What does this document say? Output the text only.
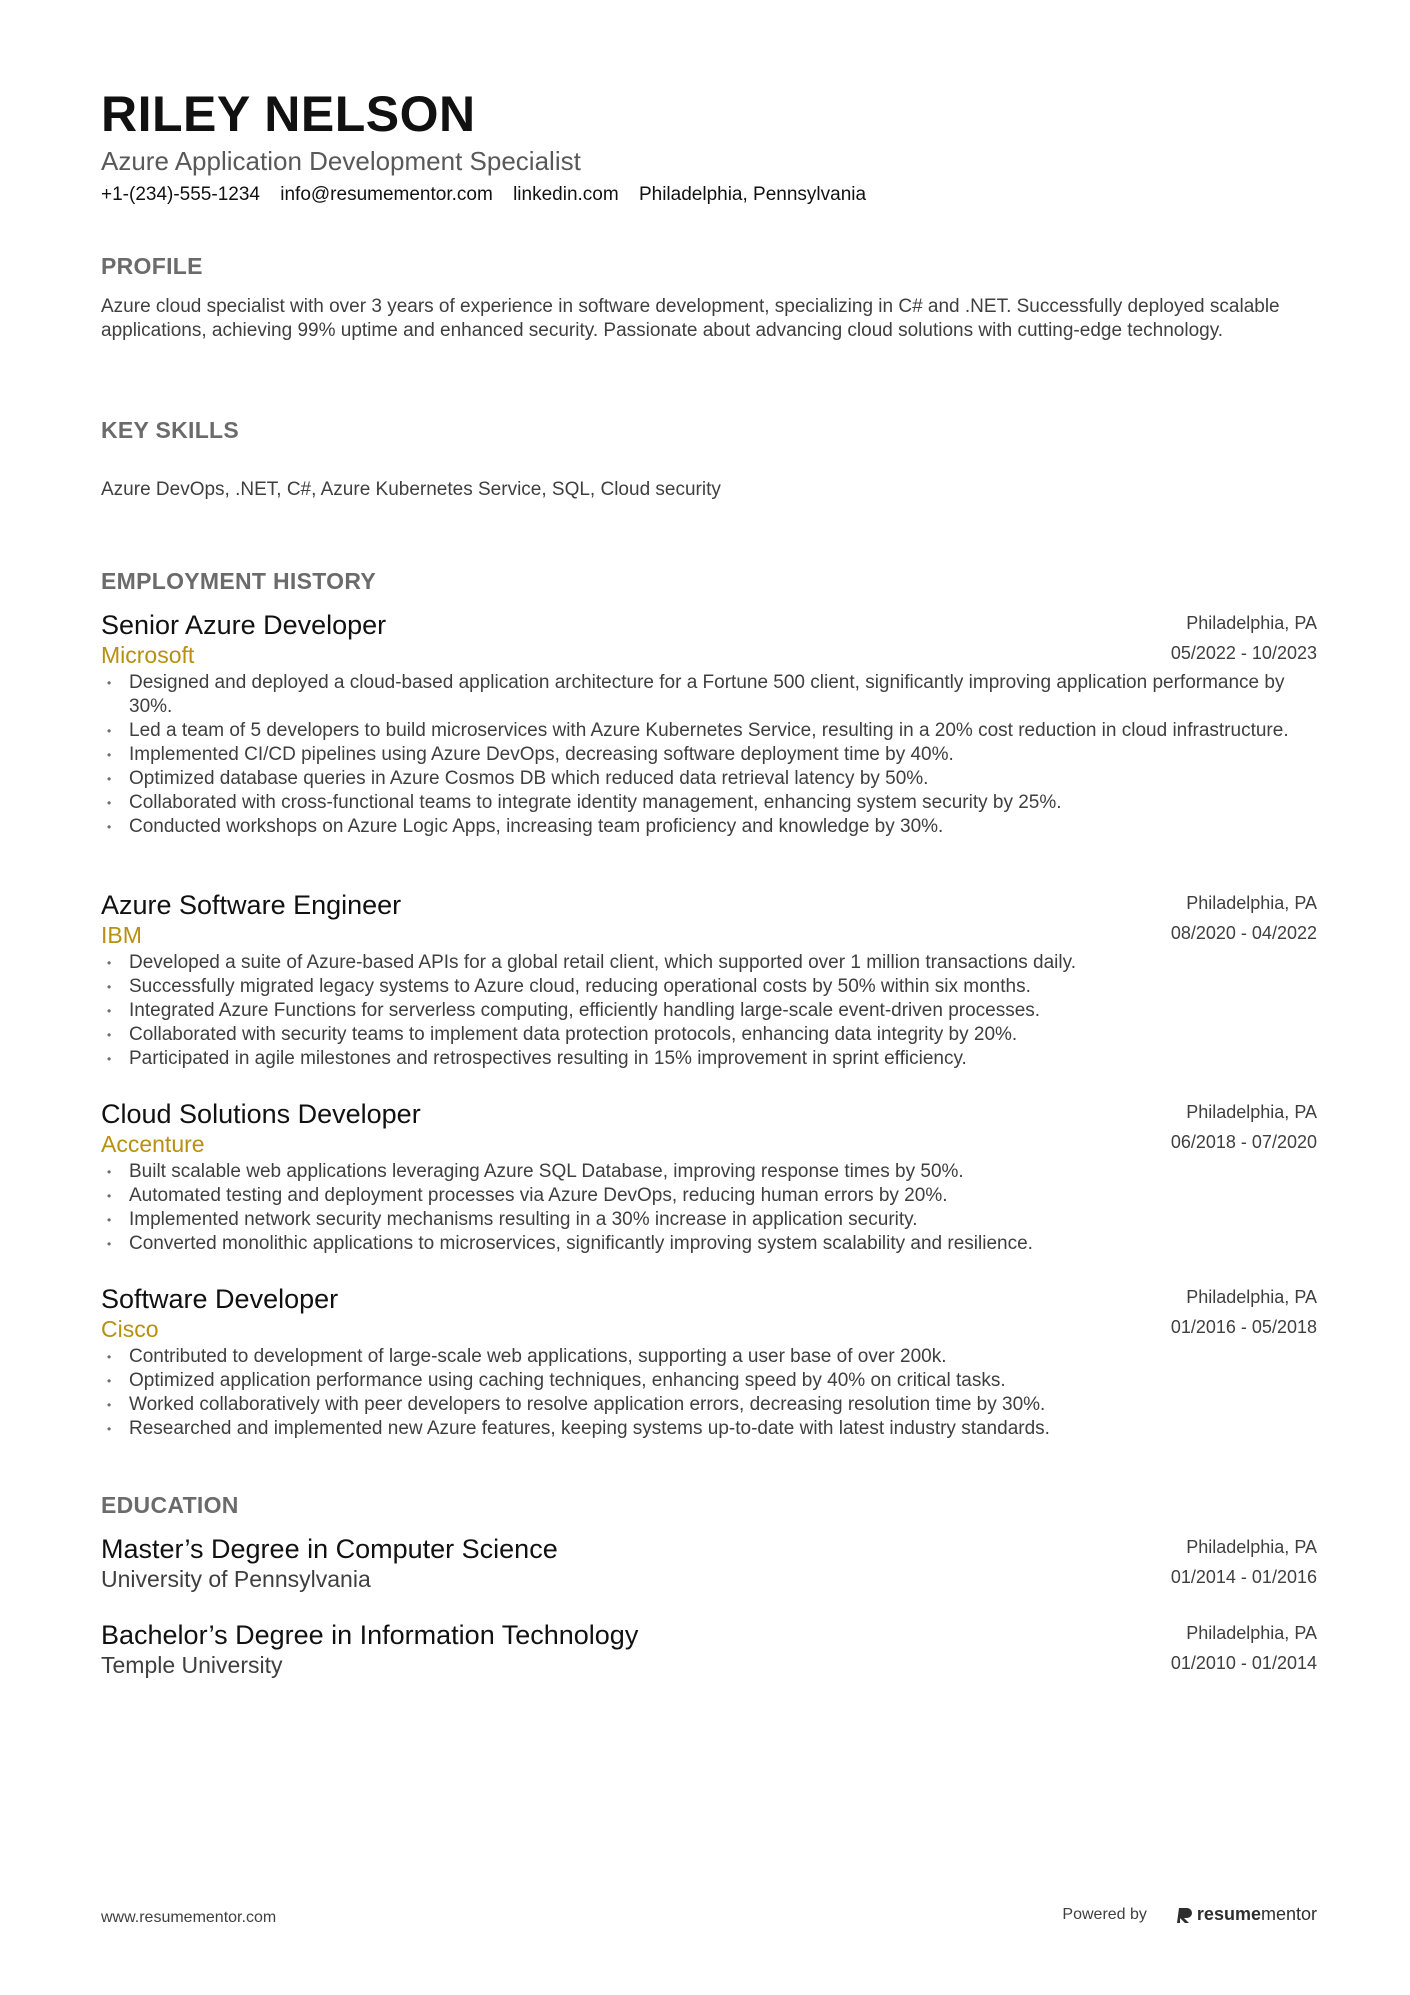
RILEY NELSON
Azure Application Development Specialist
+1-(234)-555-1234 info@resumementor.com linkedin.com Philadelphia, Pennsylvania
PROFILE
Azure cloud specialist with over 3 years of experience in software development, specializing in C# and .NET. Successfully deployed scalable applications, achieving 99% uptime and enhanced security. Passionate about advancing cloud solutions with cutting-edge technology.
KEY SKILLS
Azure DevOps, .NET, C#, Azure Kubernetes Service, SQL, Cloud security
EMPLOYMENT HISTORY
Senior Azure Developer
Microsoft
Philadelphia, PA
05/2022 - 10/2023
• Designed and deployed a cloud-based application architecture for a Fortune 500 client, significantly improving application performance by 30%.
• Led a team of 5 developers to build microservices with Azure Kubernetes Service, resulting in a 20% cost reduction in cloud infrastructure.
• Implemented CI/CD pipelines using Azure DevOps, decreasing software deployment time by 40%.
• Optimized database queries in Azure Cosmos DB which reduced data retrieval latency by 50%.
• Collaborated with cross-functional teams to integrate identity management, enhancing system security by 25%.
• Conducted workshops on Azure Logic Apps, increasing team proficiency and knowledge by 30%.
Azure Software Engineer
IBM
Philadelphia, PA
08/2020 - 04/2022
• Developed a suite of Azure-based APIs for a global retail client, which supported over 1 million transactions daily.
• Successfully migrated legacy systems to Azure cloud, reducing operational costs by 50% within six months.
• Integrated Azure Functions for serverless computing, efficiently handling large-scale event-driven processes.
• Collaborated with security teams to implement data protection protocols, enhancing data integrity by 20%.
• Participated in agile milestones and retrospectives resulting in 15% improvement in sprint efficiency.
Cloud Solutions Developer
Accenture
Philadelphia, PA
06/2018 - 07/2020
• Built scalable web applications leveraging Azure SQL Database, improving response times by 50%.
• Automated testing and deployment processes via Azure DevOps, reducing human errors by 20%.
• Implemented network security mechanisms resulting in a 30% increase in application security.
• Converted monolithic applications to microservices, significantly improving system scalability and resilience.
Software Developer
Cisco
Philadelphia, PA
01/2016 - 05/2018
• Contributed to development of large-scale web applications, supporting a user base of over 200k.
• Optimized application performance using caching techniques, enhancing speed by 40% on critical tasks.
• Worked collaboratively with peer developers to resolve application errors, decreasing resolution time by 30%.
• Researched and implemented new Azure features, keeping systems up-to-date with latest industry standards.
EDUCATION
Master’s Degree in Computer Science
University of Pennsylvania
Philadelphia, PA
01/2014 - 01/2016
Bachelor’s Degree in Information Technology
Temple University
Philadelphia, PA
01/2010 - 01/2014
www.resumementor.com	Powered by	resumementor
